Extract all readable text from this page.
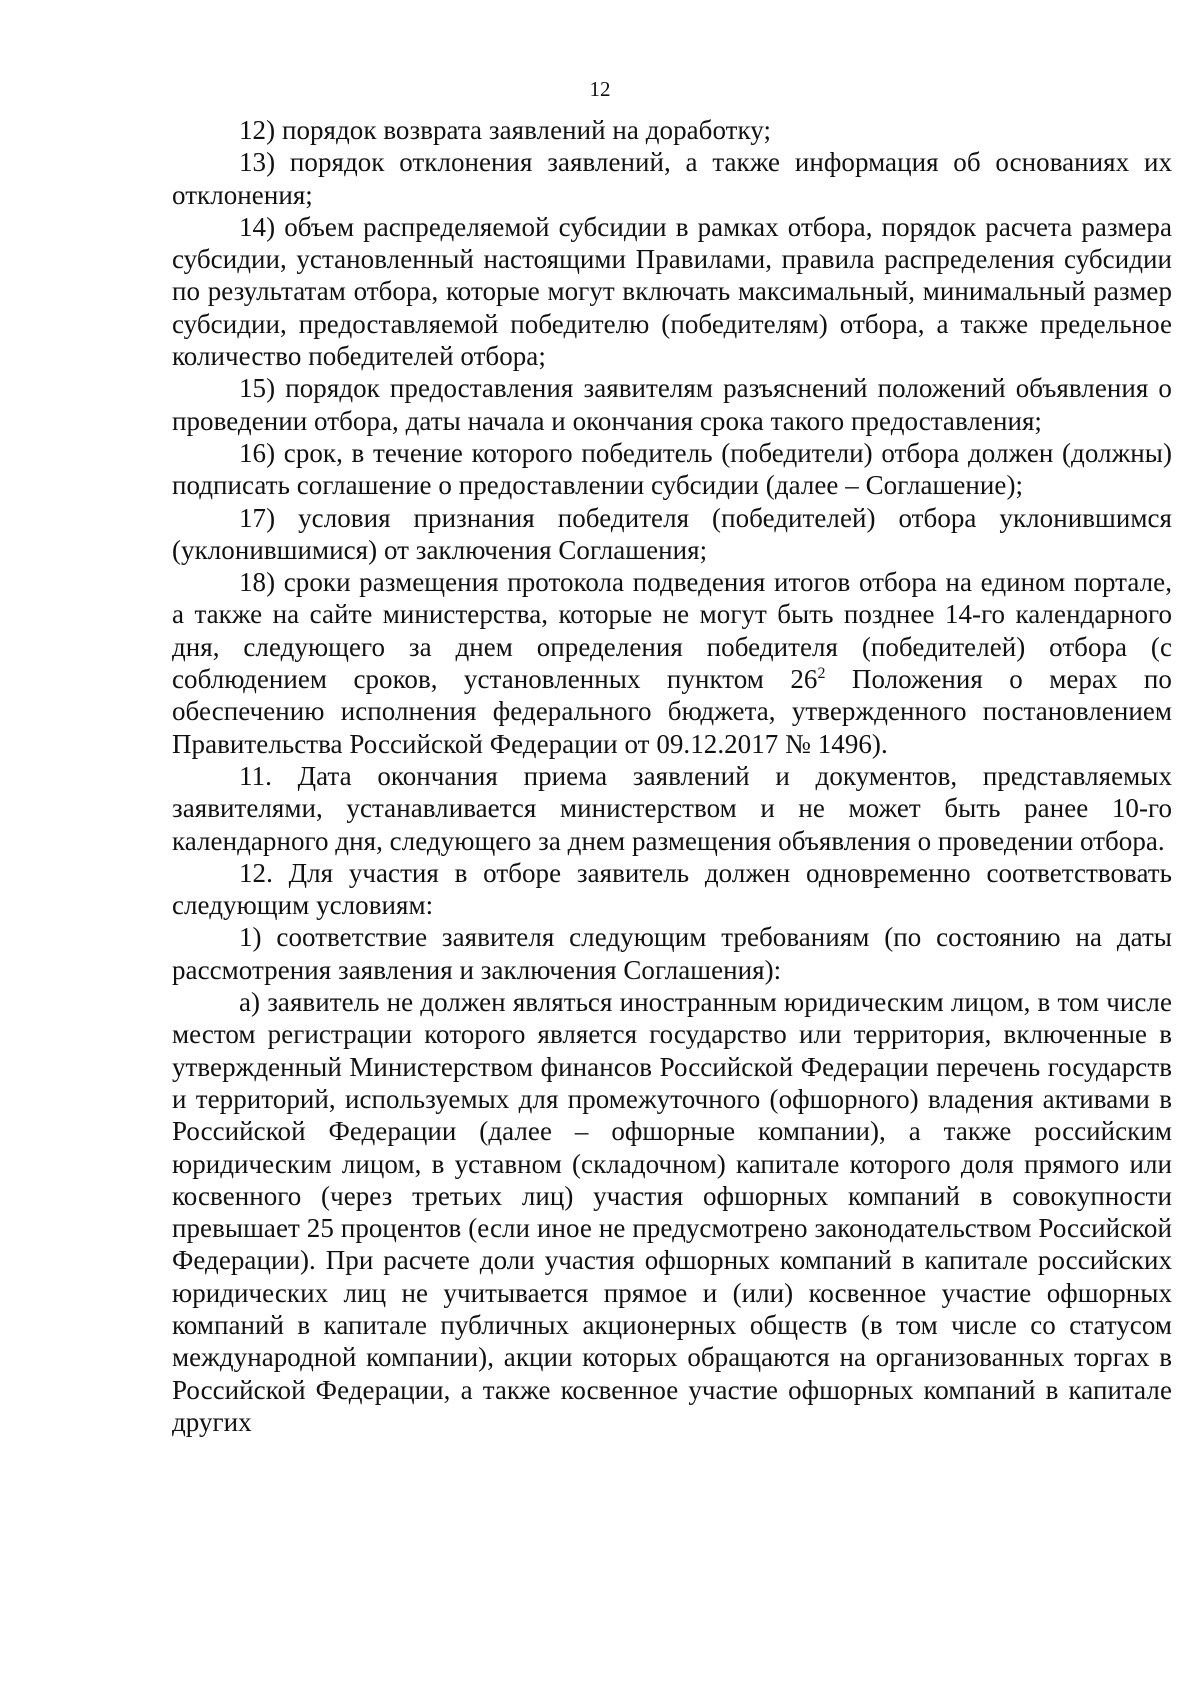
12

12) порядок возврата заявлений на доработку;

13) порядок отклонения заявлений, а также информация об основаниях их отклонения;

14) объем распределяемой субсидии в рамках отбора, порядок расчета размера субсидии, установленный настоящими Правилами, правила распределения субсидии по результатам отбора, которые могут включать максимальный, минимальный размер субсидии, предоставляемой победителю (победителям) отбора, а также предельное количество победителей отбора;

15) порядок предоставления заявителям разъяснений положений объявления о проведении отбора, даты начала и окончания срока такого предоставления;

16) срок, в течение которого победитель (победители) отбора должен (должны) подписать соглашение о предоставлении субсидии (далее – Соглашение);

17) условия признания победителя (победителей) отбора уклонившимся (уклонившимися) от заключения Соглашения;

18) сроки размещения протокола подведения итогов отбора на едином портале, а также на сайте министерства, которые не могут быть позднее 14-го календарного дня, следующего за днем определения победителя (победителей) отбора (с соблюдением сроков, установленных пунктом $26^2$ Положения о мерах по обеспечению исполнения федерального бюджета, утвержденного постановлением Правительства Российской Федерации от 09.12.2017 № 1496).

11. Дата окончания приема заявлений и документов, представляемых заявителями, устанавливается министерством и не может быть ранее 10-го календарного дня, следующего за днем размещения объявления о проведении отбора.

12. Для участия в отборе заявитель должен одновременно соответствовать следующим условиям:

1) соответствие заявителя следующим требованиям (по состоянию на даты рассмотрения заявления и заключения Соглашения):

а) заявитель не должен являться иностранным юридическим лицом, в том числе местом регистрации которого является государство или территория, включенные в утвержденный Министерством финансов Российской Федерации перечень государств и территорий, используемых для промежуточного (офшорного) владения активами в Российской Федерации (далее – офшорные компании), а также российским юридическим лицом, в уставном (складочном) капитале которого доля прямого или косвенного (через третьих лиц) участия офшорных компаний в совокупности превышает 25 процентов (если иное не предусмотрено законодательством Российской Федерации). При расчете доли участия офшорных компаний в капитале российских юридических лиц не учитывается прямое и (или) косвенное участие офшорных компаний в капитале публичных акционерных обществ (в том числе со статусом международной компании), акции которых обращаются на организованных торгах в Российской Федерации, а также косвенное участие офшорных компаний в капитале других
